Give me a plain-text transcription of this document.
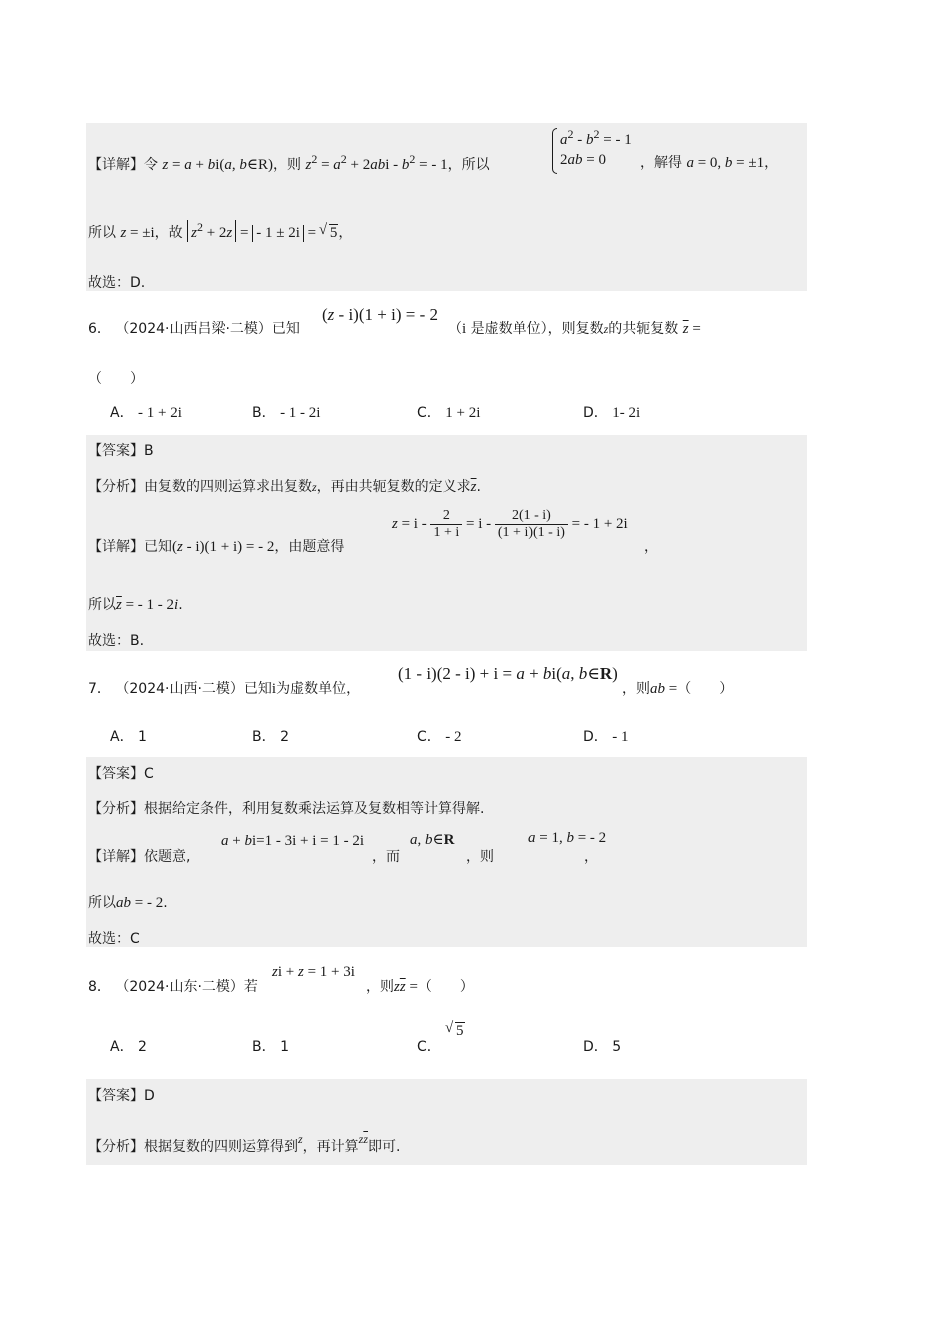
【详解】令 z = a + bi(a, b∈R)，则 $z^2 = a^2 + 2abi - b^2$ = - 1，所以
$a^2 - b^2$ = - 1
2ab = 0 ，解得 a = 0, b = ±1，
所以 z = ±i，故 $z^2 + 2z$ = - 1 ± 2i = √ 5，
故选：D.
6． （2024·山西吕梁·二模）已知
(z - i)(1 + i) = - 2
（i 是虚数单位），则复数z的共轭复数 $\overline{z}$ =
（　　）
A． - 1 + 2i	B． - 1 - 2i	C． 1 + 2i	D． 1- 2i
【答案】B
【分析】由复数的四则运算求出复数z，再由共轭复数的定义求$\overline{z}$.
【详解】已知(z - i)(1 + i) = - 2，由题意得
$z = i - \frac{2}{1 + i} = i - \frac{2(1 - i)}{(1 + i)(1 - i)}$ = - 1 + 2i
，
所以$\overline{z}$ = - 1 - 2i.
故选：B.
7． （2024·山西·二模）已知i为虚数单位，
(1 - i)(2 - i) + i = a + bi(a, b∈R)
，则ab =（　　）
A． 1	B． 2	C． - 2	D． - 1
【答案】C
【分析】根据给定条件，利用复数乘法运算及复数相等计算得解.
【详解】依题意,
a + bi=1 - 3i + i = 1 - 2i
，而
a, b∈R
，则
a = 1, b = - 2
，
所以ab = - 2.
故选：C
8． （2024·山东·二模）若
zi + z = 1 + 3i
，则$z\overline{z}$ =（　　）
A． 2	B． 1	C．
√ 5
D． 5
【答案】D
【分析】根据复数的四则运算得到z，再计算$z\overline{z}$即可.
